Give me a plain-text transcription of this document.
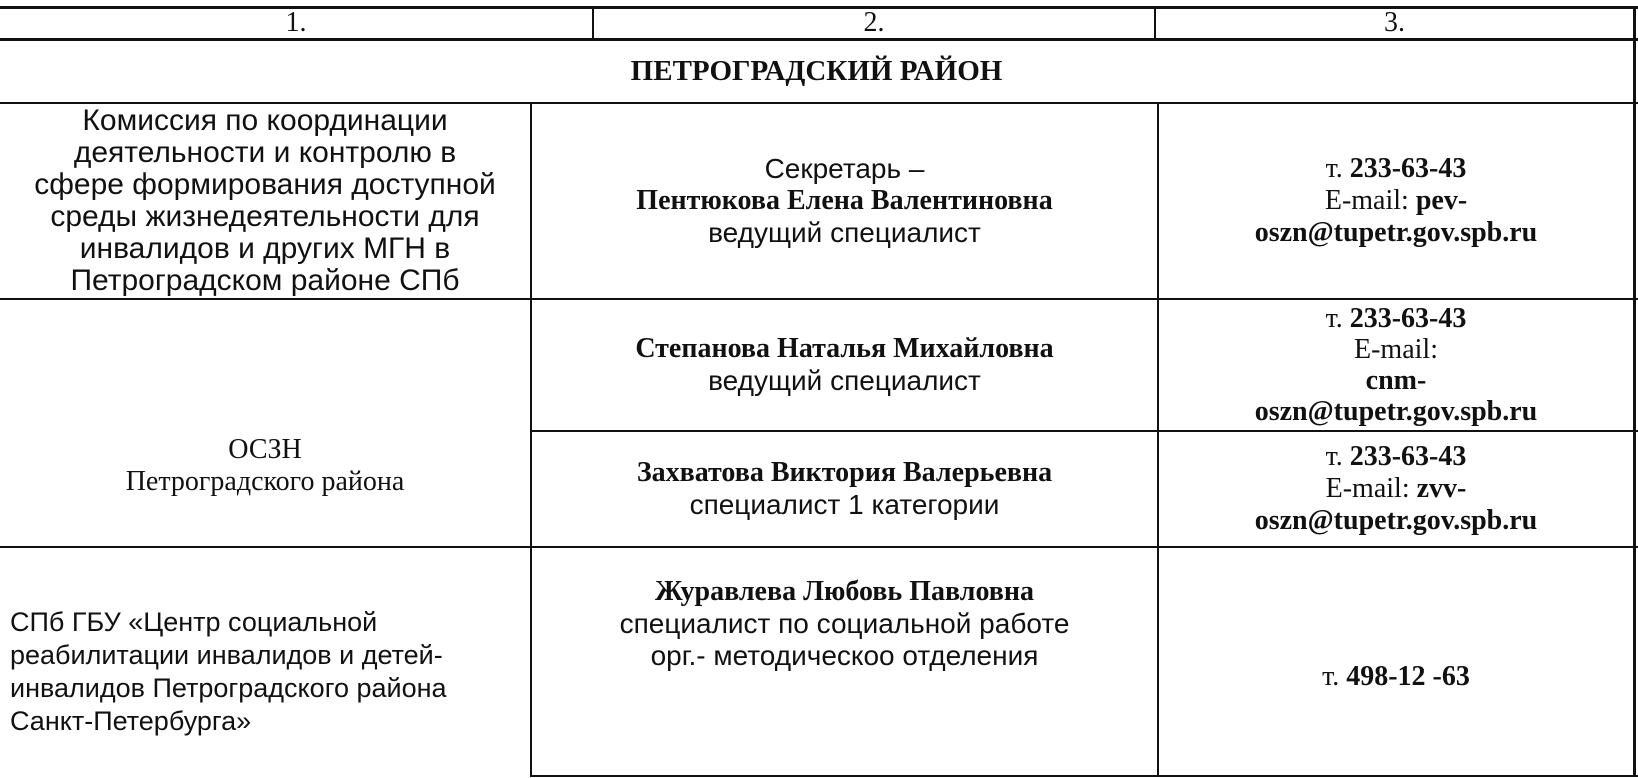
1.	2.	3.
ПЕТРОГРАДСКИЙ РАЙОН
Комиссия по координации
деятельности и контролю в
сфере формирования доступной
среды жизнедеятельности для
инвалидов и других МГН в
Петроградском районе СПб
Секретарь –
Пентюкова Елена Валентиновна
ведущий специалист
т. 233-63-43
E-mail: pev-
oszn@tupetr.gov.spb.ru
ОСЗН
Петроградского района
Степанова Наталья Михайловна
ведущий специалист
т. 233-63-43
E-mail:
cnm-
oszn@tupetr.gov.spb.ru
Захватова Виктория Валерьевна
специалист 1 категории
т. 233-63-43
E-mail: zvv-
oszn@tupetr.gov.spb.ru
СПб ГБУ «Центр социальной
реабилитации инвалидов и детей-
инвалидов Петроградского района
Санкт-Петербурга»
Журавлева Любовь Павловна
специалист по социальной работе
орг.- методическоо отделения
т. 498-12 -63
